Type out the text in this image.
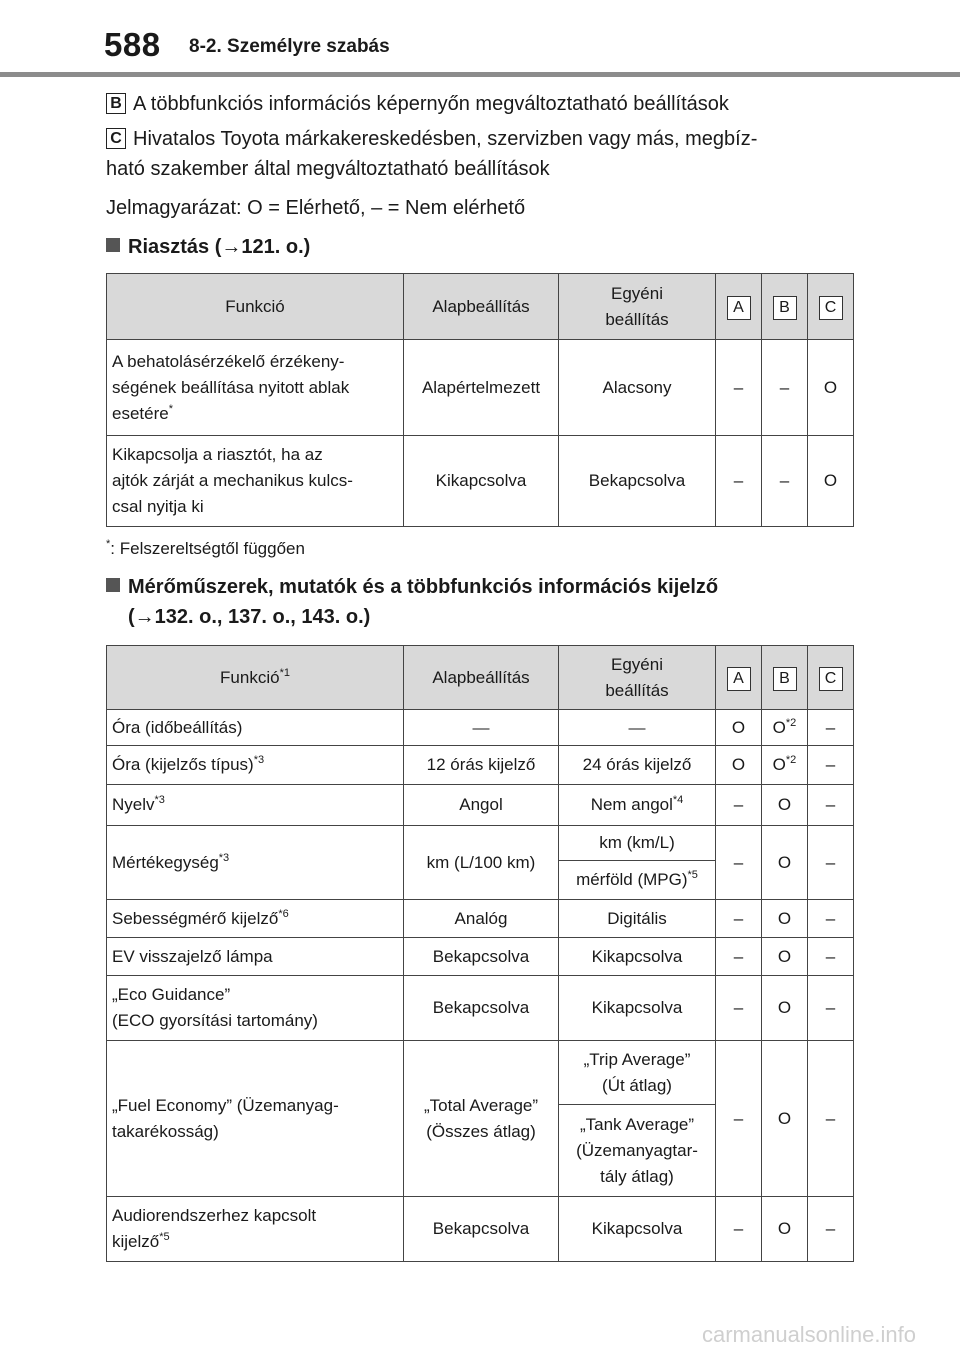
588 8-2. Személyre szabás
B A többfunkciós információs képernyőn megváltoztatható beállítások
C Hivatalos Toyota márkakereskedésben, szervizben vagy más, megbíz-
ható szakember által megváltoztatható beállítások
Jelmagyarázat: O = Elérhető, – = Nem elérhető
Riasztás (→121. o.)
Funkció	Alapbeállítás	Egyéni
beállítás	A	B	C
A behatolásérzékelő érzékeny-
ségének beállítása nyitott ablak
esetére*	Alapértelmezett	Alacsony	–	–	O
Kikapcsolja a riasztót, ha az
ajtók zárját a mechanikus kulcs-
csal nyitja ki	Kikapcsolva	Bekapcsolva	–	–	O
*: Felszereltségtől függően
Mérőműszerek, mutatók és a többfunkciós információs kijelző
(→132. o., 137. o., 143. o.)
Funkció$^{*1}$	Alapbeállítás	Egyéni
beállítás	A	B	C
Óra (időbeállítás)	⎯⎯	⎯⎯	O	$O^{*2}$	–
Óra (kijelzős típus)$^{*3}$	12 órás kijelző	24 órás kijelző	O	$O^{*2}$	–
Nyelv$^{*3}$	Angol	Nem angol$^{*4}$	–	O	–
Mértékegység$^{*3}$	km (L/100 km)	km (km/L)	–	O	–
		mérföld (MPG)$^{*5}$
Sebességmérő kijelző$^{*6}$	Analóg	Digitális	–	O	–
EV visszajelző lámpa	Bekapcsolva	Kikapcsolva	–	O	–
„Eco Guidance”
(ECO gyorsítási tartomány)	Bekapcsolva	Kikapcsolva	–	O	–
„Fuel Economy” (Üzemanyag-
takarékosság)	„Total Average”
(Összes átlag)	„Trip Average”
(Út átlag)	–	O	–
		„Tank Average”
(Üzemanyagtar-
tály átlag)			
Audiorendszerhez kapcsolt
kijelző$^{*5}$	Bekapcsolva	Kikapcsolva	–	O	–
carmanualsonline.info
